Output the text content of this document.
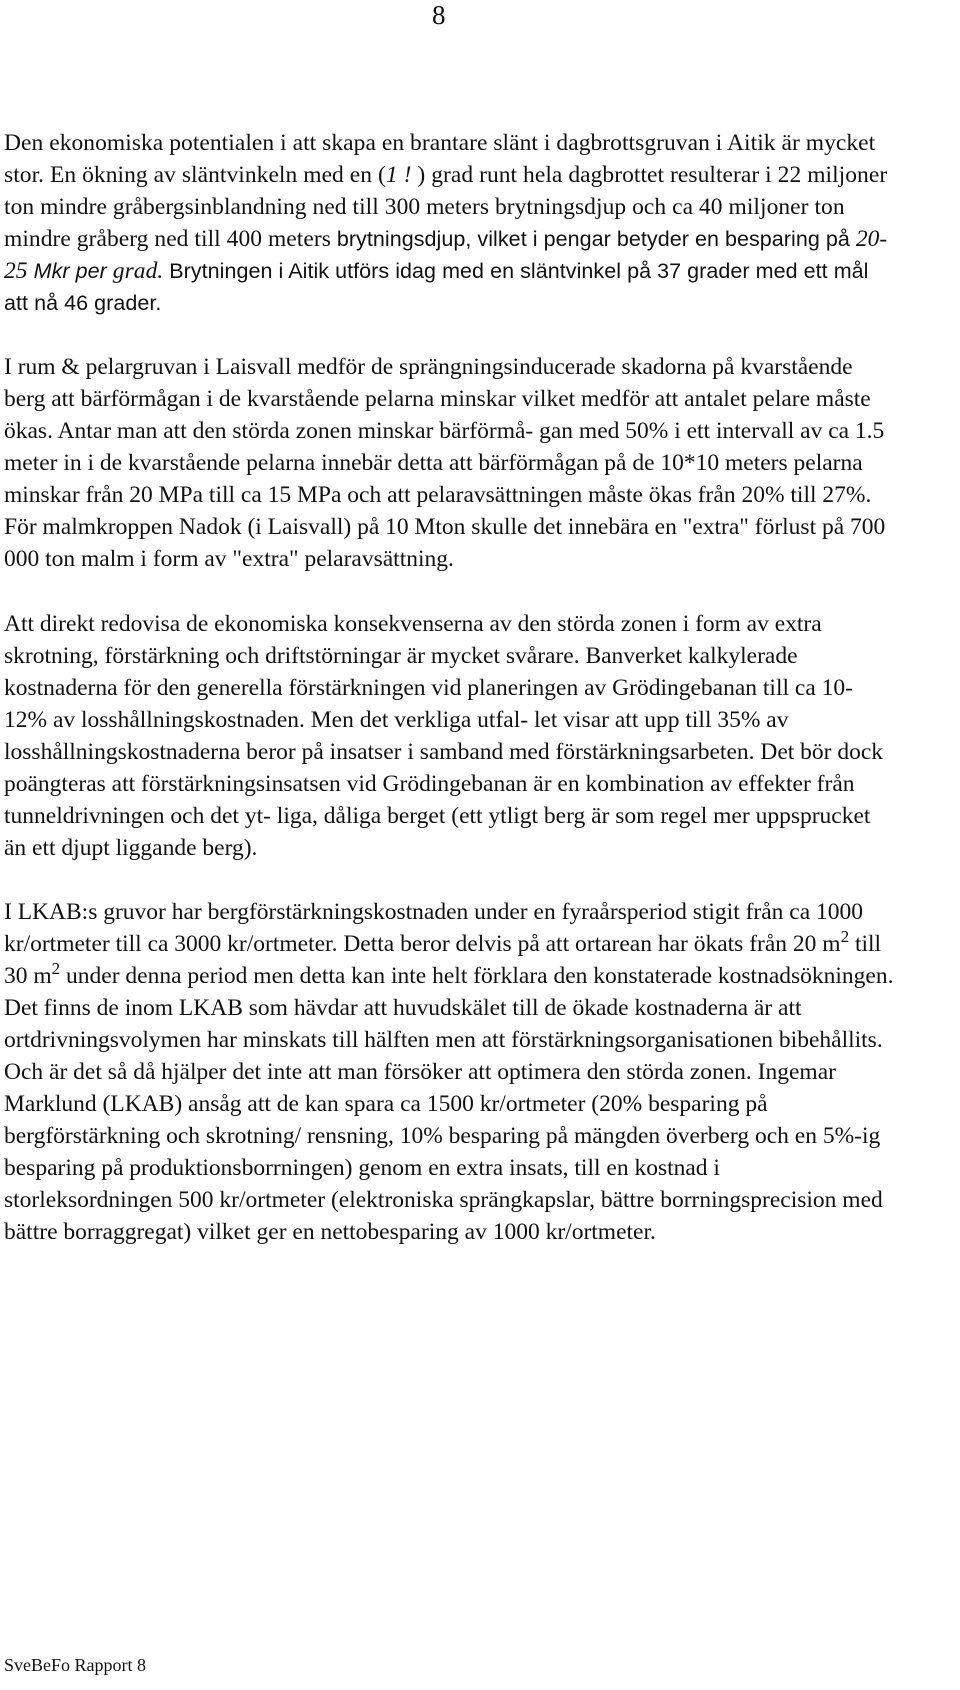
8

Den ekonomiska potentialen i att skapa en brantare slänt i dagbrottsgruvan i Aitik är mycket stor. En ökning av släntvinkeln med en (1 ! ) grad runt hela dagbrottet resulterar i 22 miljoner ton mindre gråbergsinblandning ned till 300 meters brytningsdjup och ca 40 miljoner ton mindre gråberg ned till 400 meters brytningsdjup, vilket i pengar betyder en besparing på 20-25 Mkr per grad. Brytningen i Aitik utförs idag med en släntvinkel på 37 grader med ett mål att nå 46 grader.

I rum & pelargruvan i Laisvall medför de sprängningsinducerade skadorna på kvarstående berg att bärförmågan i de kvarstående pelarna minskar vilket medför att antalet pelare måste ökas. Antar man att den störda zonen minskar bärförmå- gan med 50% i ett intervall av ca 1.5 meter in i de kvarstående pelarna innebär detta att bärförmågan på de 10*10 meters pelarna minskar från 20 MPa till ca 15 MPa och att pelaravsättningen måste ökas från 20% till 27%. För malmkroppen Nadok (i Laisvall) på 10 Mton skulle det innebära en "extra" förlust på 700 000 ton malm i form av "extra" pelaravsättning.

Att direkt redovisa de ekonomiska konsekvenserna av den störda zonen i form av extra skrotning, förstärkning och driftstörningar är mycket svårare. Banverket kalkylerade kostnaderna för den generella förstärkningen vid planeringen av Grödingebanan till ca 10-12% av losshållningskostnaden. Men det verkliga utfal- let visar att upp till 35% av losshållningskostnaderna beror på insatser i samband med förstärkningsarbeten. Det bör dock poängteras att förstärkningsinsatsen vid Grödingebanan är en kombination av effekter från tunneldrivningen och det yt- liga, dåliga berget (ett ytligt berg är som regel mer uppsprucket än ett djupt liggande berg).

I LKAB:s gruvor har bergförstärkningskostnaden under en fyraårsperiod stigit från ca 1000 kr/ortmeter till ca 3000 kr/ortmeter. Detta beror delvis på att ortarean har ökats från 20 $m^2$ till 30 $m^2$ under denna period men detta kan inte helt förklara den konstaterade kostnadsökningen. Det finns de inom LKAB som hävdar att huvudskälet till de ökade kostnaderna är att ortdrivningsvolymen har minskats till hälften men att förstärkningsorganisationen bibehållits. Och är det så då hjälper det inte att man försöker att optimera den störda zonen. Ingemar Marklund (LKAB) ansåg att de kan spara ca 1500 kr/ortmeter (20% besparing på bergförstärkning och skrotning/ rensning, 10% besparing på mängden överberg och en 5%-ig besparing på produktionsborrningen) genom en extra insats, till en kostnad i storleksordningen 500 kr/ortmeter (elektroniska sprängkapslar, bättre borrningsprecision med bättre borraggregat) vilket ger en nettobesparing av 1000 kr/ortmeter.

SveBeFo Rapport 8
